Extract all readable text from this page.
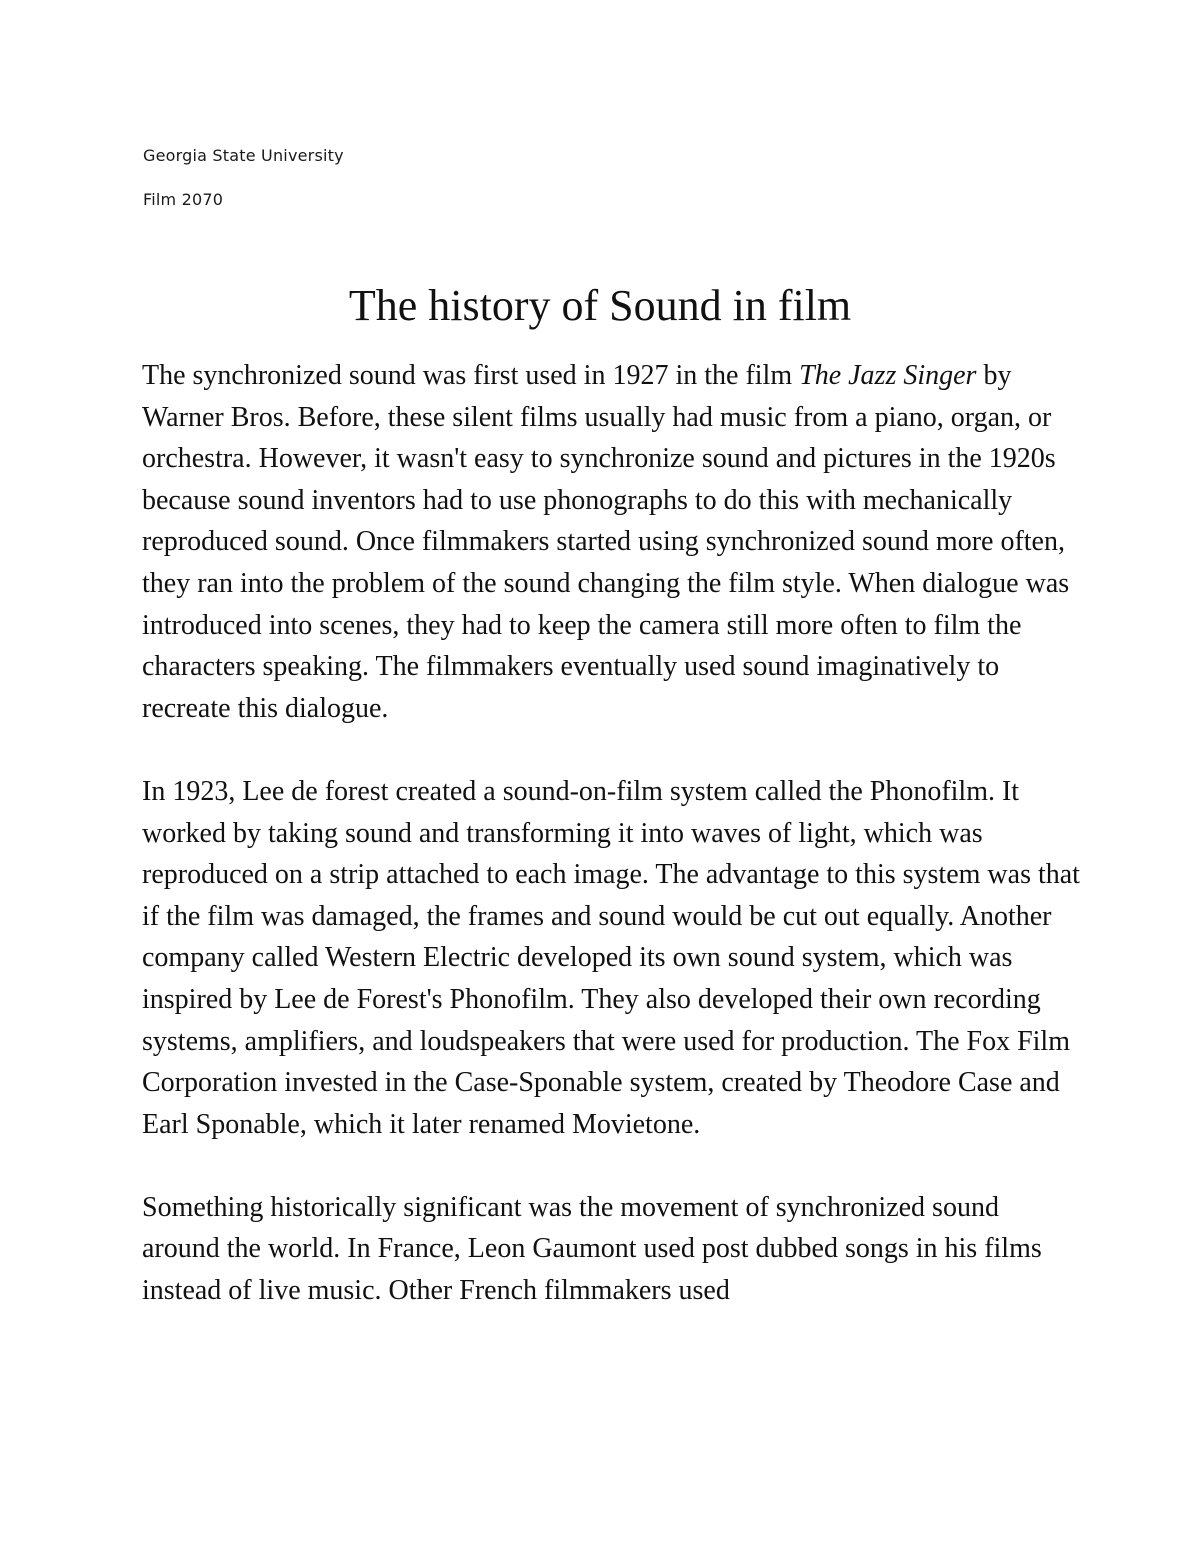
Georgia State University
Film 2070
The history of Sound in film

The synchronized sound was first used in 1927 in the film The Jazz Singer by Warner Bros. Before, these silent films usually had music from a piano, organ, or orchestra. However, it wasn't easy to synchronize sound and pictures in the 1920s because sound inventors had to use phonographs to do this with mechanically reproduced sound. Once filmmakers started using synchronized sound more often, they ran into the problem of the sound changing the film style. When dialogue was introduced into scenes, they had to keep the camera still more often to film the characters speaking. The filmmakers eventually used sound imaginatively to recreate this dialogue.

In 1923, Lee de forest created a sound-on-film system called the Phonofilm. It worked by taking sound and transforming it into waves of light, which was reproduced on a strip attached to each image. The advantage to this system was that if the film was damaged, the frames and sound would be cut out equally. Another company called Western Electric developed its own sound system, which was inspired by Lee de Forest's Phonofilm. They also developed their own recording systems, amplifiers, and loudspeakers that were used for production. The Fox Film Corporation invested in the Case-Sponable system, created by Theodore Case and Earl Sponable, which it later renamed Movietone.

Something historically significant was the movement of synchronized sound around the world. In France, Leon Gaumont used post dubbed songs in his films instead of live music. Other French filmmakers used
